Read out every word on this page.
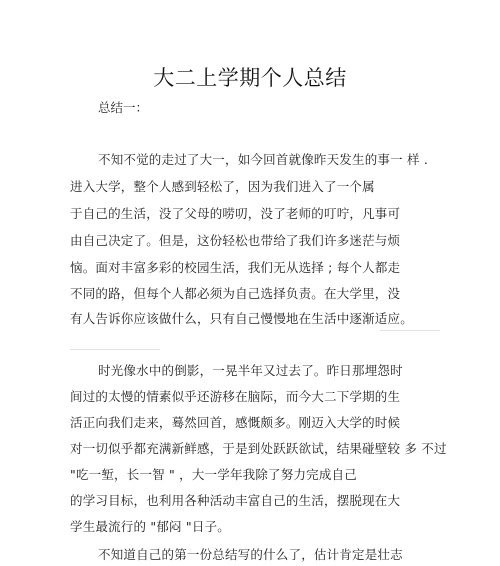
大二上学期个人总结
总结一：
不知不觉的走过了大一，如今回首就像昨天发生的事一 样 .
进入大学，整个人感到轻松了，因为我们进入了一个属
于自己的生活，没了父母的唠叨，没了老师的叮咛，凡事可
由自己决定了。但是，这份轻松也带给了我们许多迷茫与烦
恼。面对丰富多彩的校园生活，我们无从选择 ; 每个人都走
不同的路，但每个人都必须为自己选择负责。在大学里，没
有人告诉你应该做什么，只有自己慢慢地在生活中逐渐适应。
时光像水中的倒影，一晃半年又过去了。昨日那埋怨时
间过的太慢的情素似乎还游移在脑际，而今大二下学期的生
活正向我们走来，蓦然回首，感慨颇多。刚迈入大学的时候
对一切似乎都充满新鲜感，于是到处跃跃欲试，结果碰壁较 多 不过
"吃一堑，长一智 " ，大一学年我除了努力完成自己
的学习目标，也利用各种活动丰富自己的生活，摆脱现在大
学生最流行的 "郁闷 "日子。
不知道自己的第一份总结写的什么了，估计肯定是壮志
